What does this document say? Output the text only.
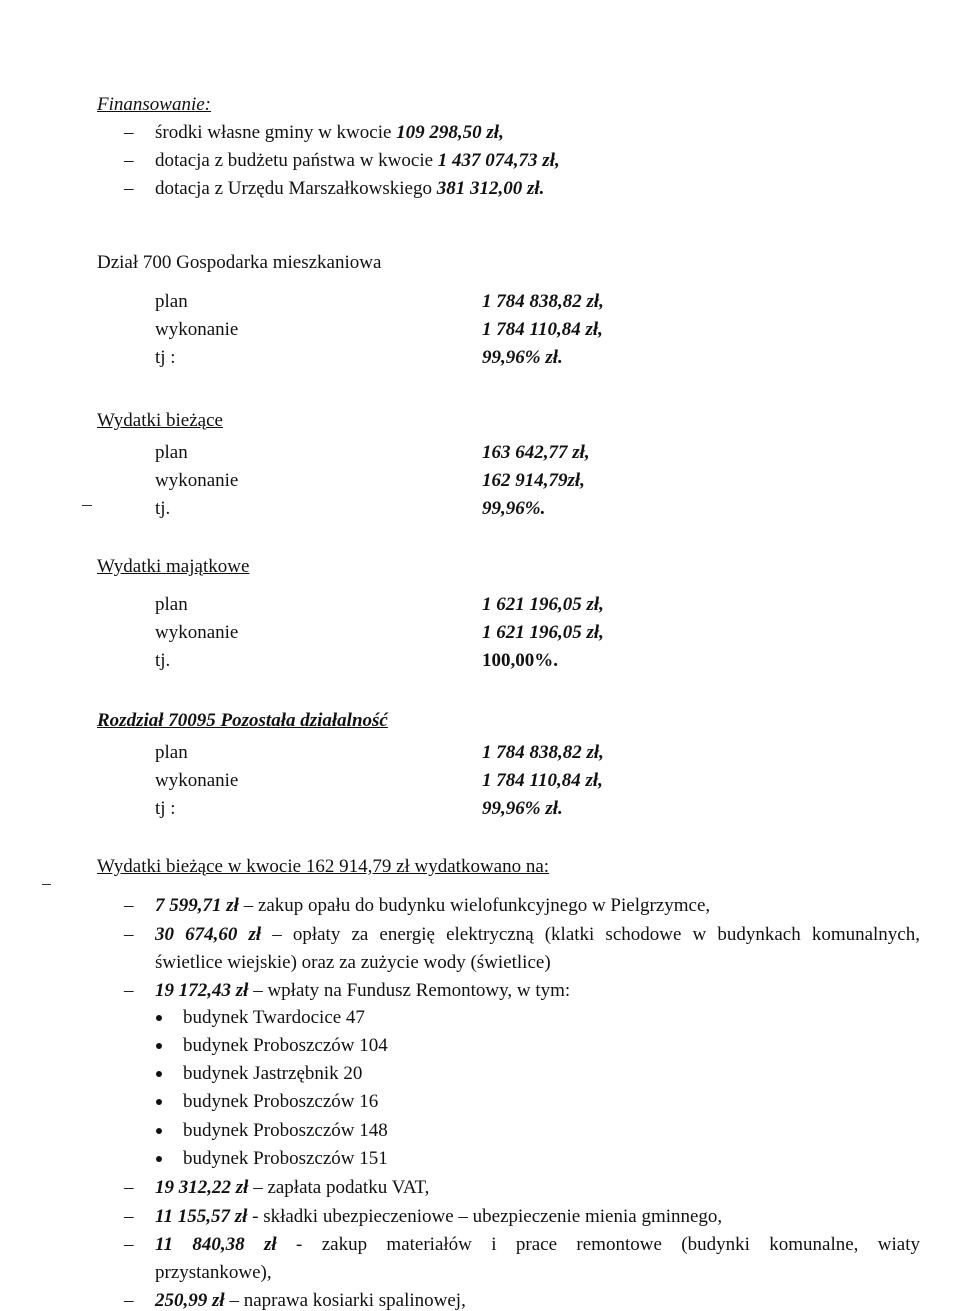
Finansowanie:
– środki własne gminy w kwocie 109 298,50 zł,
– dotacja z budżetu państwa w kwocie 1 437 074,73 zł,
– dotacja z Urzędu Marszałkowskiego 381 312,00 zł.
Dział 700 Gospodarka mieszkaniowa
plan	1 784 838,82 zł,
wykonanie	1 784 110,84 zł,
tj :	99,96% zł.
Wydatki bieżące
plan	163 642,77 zł,
wykonanie	162 914,79zł,
tj.	99,96%.
Wydatki majątkowe
plan	1 621 196,05 zł,
wykonanie	1 621 196,05 zł,
tj.	100,00%.
Rozdział 70095 Pozostała działalność
plan	1 784 838,82 zł,
wykonanie	1 784 110,84 zł,
tj :	99,96% zł.
Wydatki bieżące w kwocie 162 914,79 zł wydatkowano na:
– 7 599,71 zł – zakup opału do budynku wielofunkcyjnego w Pielgrzymce,
– 30 674,60 zł – opłaty za energię elektryczną (klatki schodowe w budynkach komunalnych,
świetlice wiejskie) oraz za zużycie wody (świetlice)
– 19 172,43 zł – wpłaty na Fundusz Remontowy, w tym:
budynek Twardocice 47
budynek Proboszczów 104
budynek Jastrzębnik 20
budynek Proboszczów 16
budynek Proboszczów 148
budynek Proboszczów 151
– 19 312,22 zł – zapłata podatku VAT,
– 11 155,57 zł - składki ubezpieczeniowe – ubezpieczenie mienia gminnego,
– 11 840,38 zł - zakup materiałów i prace remontowe (budynki komunalne, wiaty
przystankowe),
– 250,99 zł – naprawa kosiarki spalinowej,
